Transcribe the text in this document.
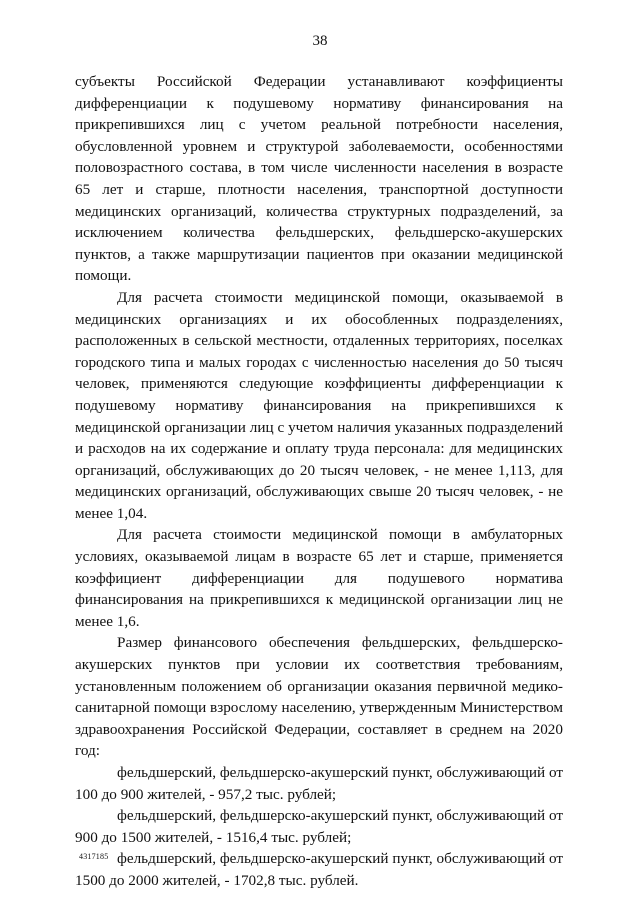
38

субъекты Российской Федерации устанавливают коэффициенты дифференциации к подушевому нормативу финансирования на прикрепившихся лиц с учетом реальной потребности населения, обусловленной уровнем и структурой заболеваемости, особенностями половозрастного состава, в том числе численности населения в возрасте 65 лет и старше, плотности населения, транспортной доступности медицинских организаций, количества структурных подразделений, за исключением количества фельдшерских, фельдшерско-акушерских пунктов, а также маршрутизации пациентов при оказании медицинской помощи.

Для расчета стоимости медицинской помощи, оказываемой в медицинских организациях и их обособленных подразделениях, расположенных в сельской местности, отдаленных территориях, поселках городского типа и малых городах с численностью населения до 50 тысяч человек, применяются следующие коэффициенты дифференциации к подушевому нормативу финансирования на прикрепившихся к медицинской организации лиц с учетом наличия указанных подразделений и расходов на их содержание и оплату труда персонала: для медицинских организаций, обслуживающих до 20 тысяч человек, - не менее 1,113, для медицинских организаций, обслуживающих свыше 20 тысяч человек, - не менее 1,04.

Для расчета стоимости медицинской помощи в амбулаторных условиях, оказываемой лицам в возрасте 65 лет и старше, применяется коэффициент дифференциации для подушевого норматива финансирования на прикрепившихся к медицинской организации лиц не менее 1,6.

Размер финансового обеспечения фельдшерских, фельдшерско-акушерских пунктов при условии их соответствия требованиям, установленным положением об организации оказания первичной медико-санитарной помощи взрослому населению, утвержденным Министерством здравоохранения Российской Федерации, составляет в среднем на 2020 год:

фельдшерский, фельдшерско-акушерский пункт, обслуживающий от 100 до 900 жителей, - 957,2 тыс. рублей;

фельдшерский, фельдшерско-акушерский пункт, обслуживающий от 900 до 1500 жителей, - 1516,4 тыс. рублей;

фельдшерский, фельдшерско-акушерский пункт, обслуживающий от 1500 до 2000 жителей, - 1702,8 тыс. рублей.

4317185
